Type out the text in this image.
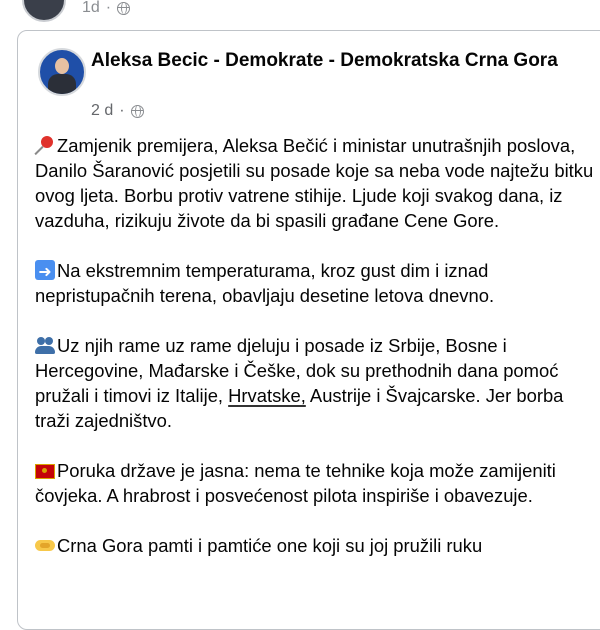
1d ·
Aleksa Becic - Demokrate - Demokratska Crna Gora
2 d ·

Zamjenik premijera, Aleksa Bečić i ministar unutrašnjih poslova, Danilo Šaranović posjetili su posade koje sa neba vode najtežu bitku ovog ljeta. Borbu protiv vatrene stihije. Ljude koji svakog dana, iz vazduha, rizikuju živote da bi spasili građane Cene Gore.

➜Na ekstremnim temperaturama, kroz gust dim i iznad nepristupačnih terena, obavljaju desetine letova dnevno.

Uz njih rame uz rame djeluju i posade iz Srbije, Bosne i Hercegovine, Mađarske i Češke, dok su prethodnih dana pomoć pružali i timovi iz Italije, Hrvatske, Austrije i Švajcarske. Jer borba traži zajedništvo.

Poruka države je jasna: nema te tehnike koja može zamijeniti čovjeka. A hrabrost i posvećenost pilota inspiriše i obavezuje.

Crna Gora pamti i pamtiće one koji su joj pružili ruku
